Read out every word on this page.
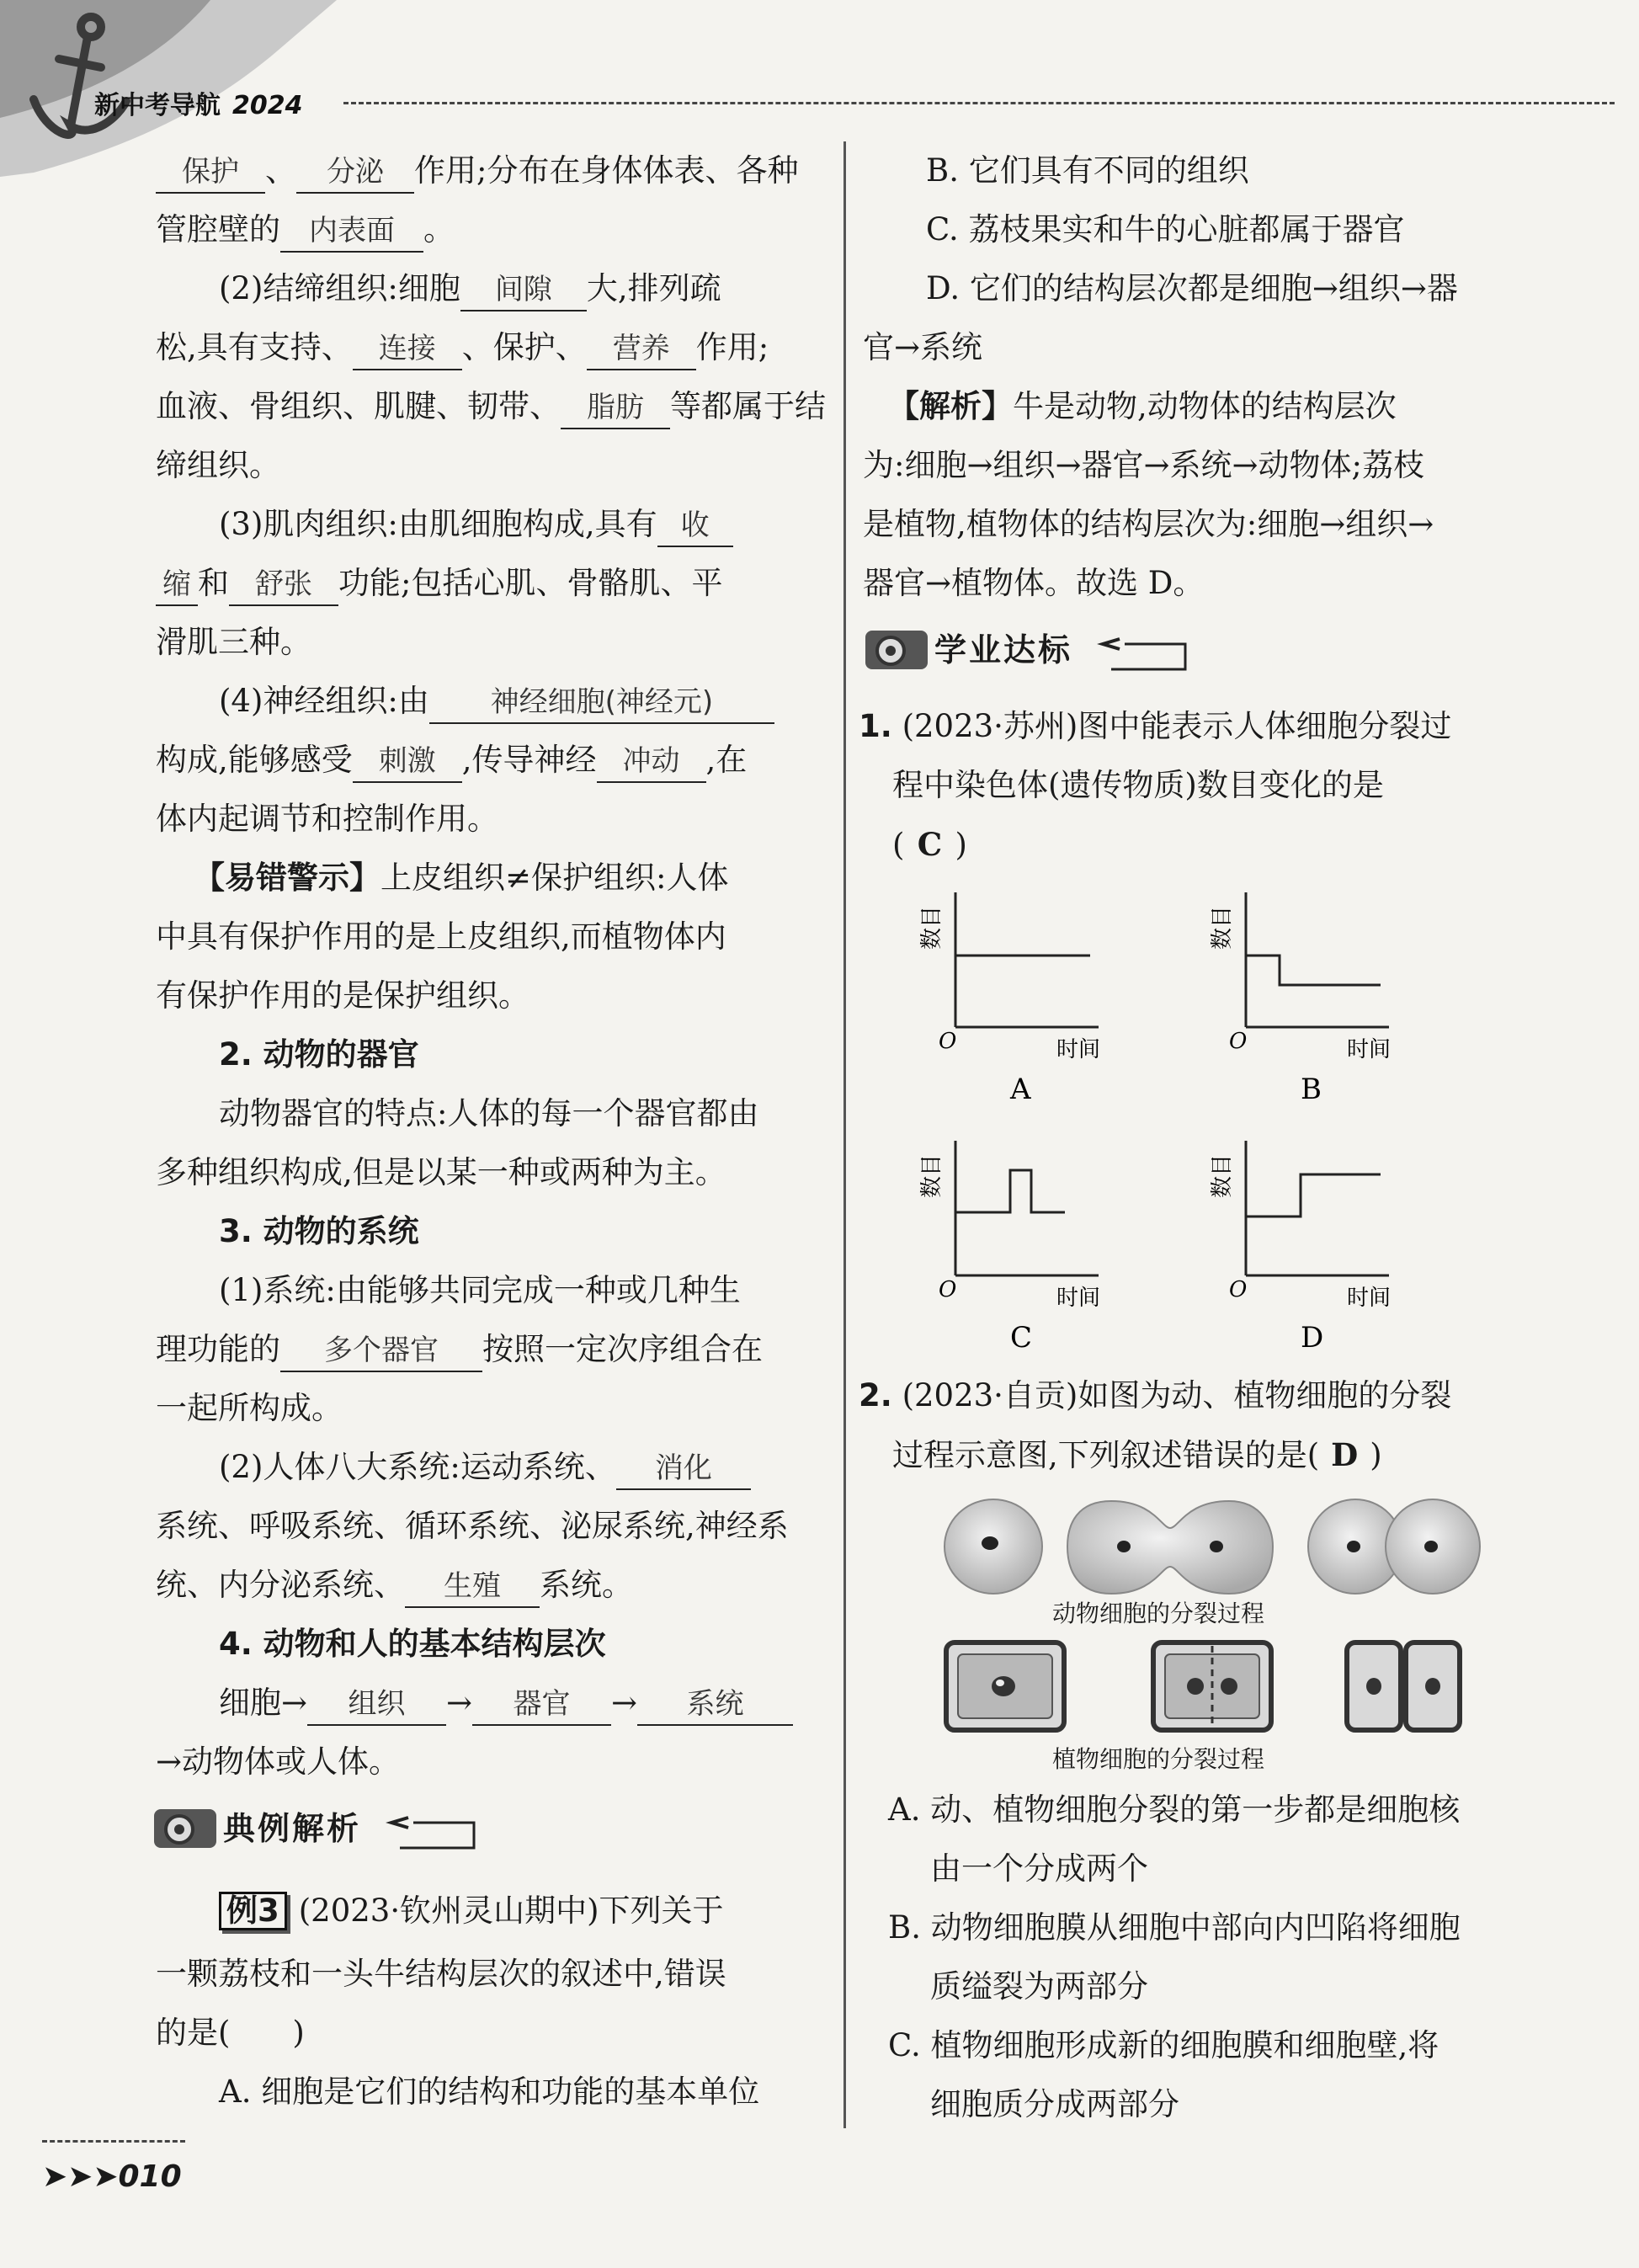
新中考导航 2024
保护 、 分泌 作用;分布在身体体表、各种
管腔壁的 内表面 。
(2)结缔组织:细胞 间隙 大,排列疏
松,具有支持、 连接 、保护、 营养 作用;
血液、骨组织、肌腱、韧带、 脂肪 等都属于结
缔组织。
(3)肌肉组织:由肌细胞构成,具有 收
缩 和 舒张 功能;包括心肌、骨骼肌、平
滑肌三种。
(4)神经组织:由 神经细胞(神经元)
构成,能够感受 刺激 ,传导神经 冲动 ,在
体内起调节和控制作用。
【易错警示】上皮组织≠保护组织:人体
中具有保护作用的是上皮组织,而植物体内
有保护作用的是保护组织。
2. 动物的器官
动物器官的特点:人体的每一个器官都由
多种组织构成,但是以某一种或两种为主。
3. 动物的系统
(1)系统:由能够共同完成一种或几种生
理功能的 多个器官 按照一定次序组合在
一起所构成。
(2)人体八大系统:运动系统、 消化
系统、呼吸系统、循环系统、泌尿系统,神经系
统、内分泌系统、 生殖 系统。
4. 动物和人的基本结构层次
细胞→ 组织 → 器官 → 系统
→动物体或人体。
典例解析
例3 (2023·钦州灵山期中)下列关于
一颗荔枝和一头牛结构层次的叙述中,错误
的是(　　)
A. 细胞是它们的结构和功能的基本单位
B. 它们具有不同的组织
C. 荔枝果实和牛的心脏都属于器官
D. 它们的结构层次都是细胞→组织→器
官→系统
【解析】牛是动物,动物体的结构层次
为:细胞→组织→器官→系统→动物体;荔枝
是植物,植物体的结构层次为:细胞→组织→
器官→植物体。故选 D。
学业达标
1. (2023·苏州)图中能表示人体细胞分裂过
程中染色体(遗传物质)数目变化的是
( C )
数目
O	时间
A
数目
O	时间
B
数目
O	时间
C
数目
O	时间
D
2. (2023·自贡)如图为动、植物细胞的分裂
过程示意图,下列叙述错误的是( D )
动物细胞的分裂过程
植物细胞的分裂过程
A. 动、植物细胞分裂的第一步都是细胞核
由一个分成两个
B. 动物细胞膜从细胞中部向内凹陷将细胞
质缢裂为两部分
C. 植物细胞形成新的细胞膜和细胞壁,将
细胞质分成两部分
➤➤➤010
